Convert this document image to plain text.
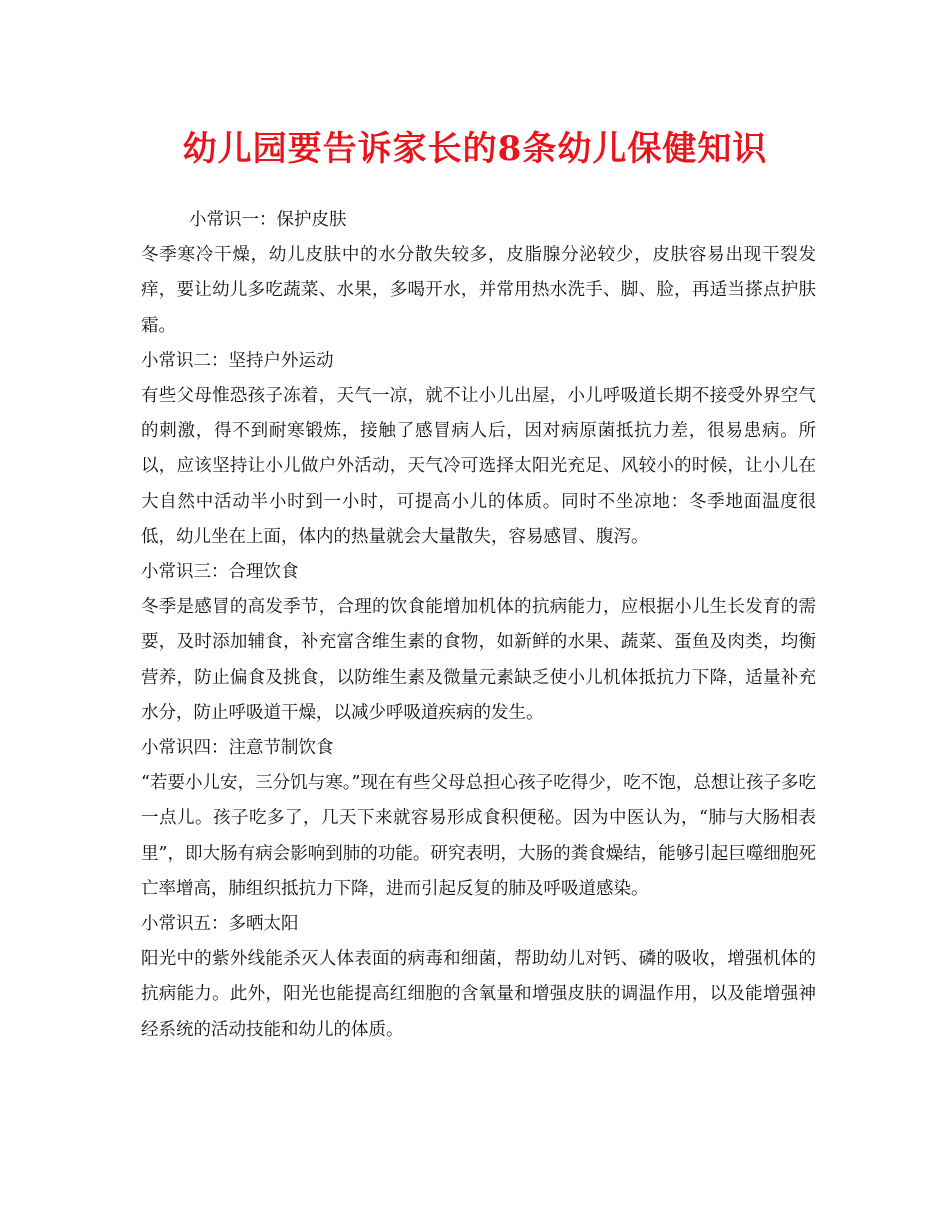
幼儿园要告诉家长的8条幼儿保健知识

小常识一：保护皮肤

冬季寒冷干燥，幼儿皮肤中的水分散失较多，皮脂腺分泌较少，皮肤容易出现干裂发痒，要让幼儿多吃蔬菜、水果，多喝开水，并常用热水洗手、脚、脸，再适当搽点护肤霜。

小常识二：坚持户外运动

有些父母惟恐孩子冻着，天气一凉，就不让小儿出屋，小儿呼吸道长期不接受外界空气的刺激，得不到耐寒锻炼，接触了感冒病人后，因对病原菌抵抗力差，很易患病。所以，应该坚持让小儿做户外活动，天气冷可选择太阳光充足、风较小的时候，让小儿在大自然中活动半小时到一小时，可提高小儿的体质。同时不坐凉地：冬季地面温度很低，幼儿坐在上面，体内的热量就会大量散失，容易感冒、腹泻。

小常识三：合理饮食

冬季是感冒的高发季节，合理的饮食能增加机体的抗病能力，应根据小儿生长发育的需要，及时添加辅食，补充富含维生素的食物，如新鲜的水果、蔬菜、蛋鱼及肉类，均衡营养，防止偏食及挑食，以防维生素及微量元素缺乏使小儿机体抵抗力下降，适量补充水分，防止呼吸道干燥，以减少呼吸道疾病的发生。

小常识四：注意节制饮食

“若要小儿安，三分饥与寒。”现在有些父母总担心孩子吃得少，吃不饱，总想让孩子多吃一点儿。孩子吃多了，几天下来就容易形成食积便秘。因为中医认为，“肺与大肠相表里”，即大肠有病会影响到肺的功能。研究表明，大肠的粪食燥结，能够引起巨噬细胞死亡率增高，肺组织抵抗力下降，进而引起反复的肺及呼吸道感染。

小常识五：多晒太阳

阳光中的紫外线能杀灭人体表面的病毒和细菌，帮助幼儿对钙、磷的吸收，增强机体的抗病能力。此外，阳光也能提高红细胞的含氧量和增强皮肤的调温作用，以及能增强神经系统的活动技能和幼儿的体质。
